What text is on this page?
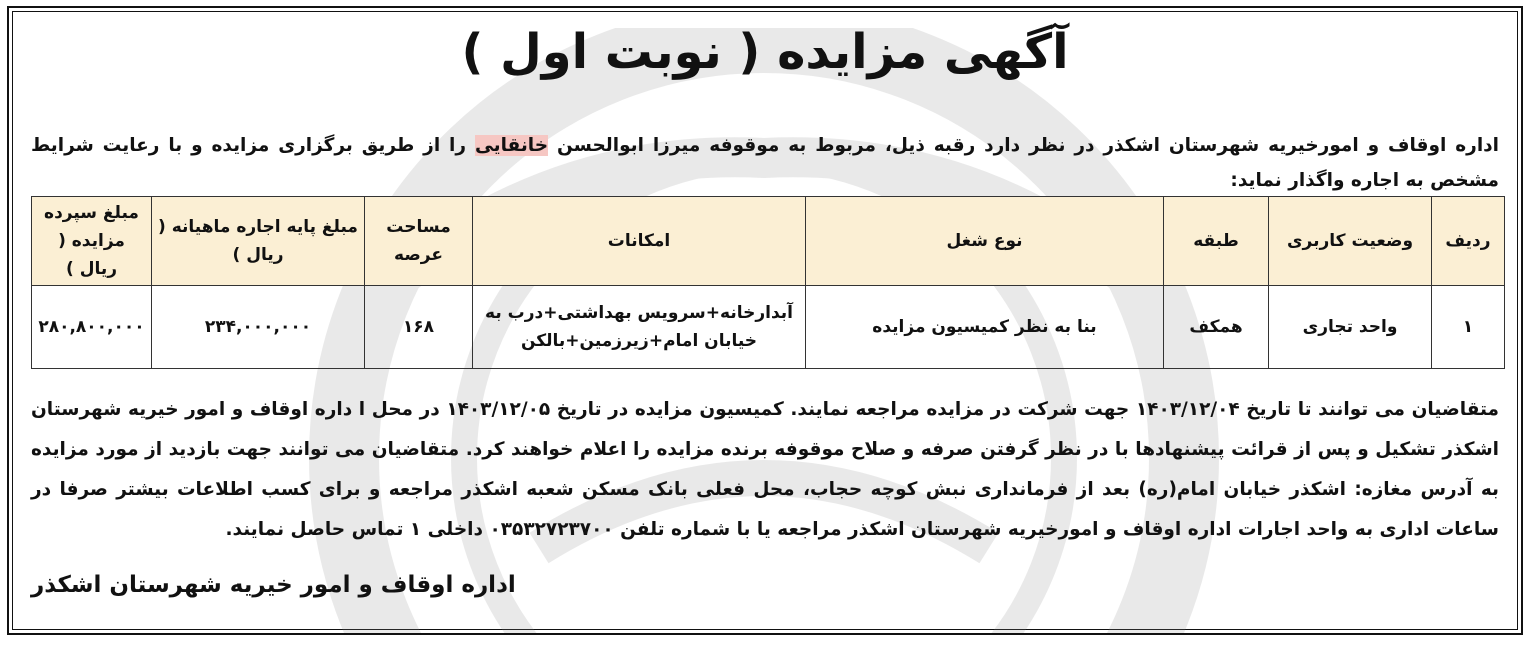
آگهی مزایده ( نوبت اول )
اداره اوقاف و امورخیریه شهرستان اشکذر در نظر دارد رقبه ذیل، مربوط به موقوفه میرزا ابوالحسن خانقایی را از طریق برگزاری مزایده و با رعایت شرایط مشخص به اجاره واگذار نماید:
ردیف	وضعیت کاربری	طبقه	نوع شغل	امکانات	مساحت عرصه	مبلغ پایه اجاره ماهیانه ( ریال )	مبلغ سپرده مزایده ( ریال )
۱	واحد تجاری	همکف	بنا به نظر کمیسیون مزایده	آبدارخانه+سرویس بهداشتی+درب به خیابان امام+زیرزمین+بالکن	۱۶۸	۲۳۴,۰۰۰,۰۰۰	۲۸۰,۸۰۰,۰۰۰
متقاضیان می توانند تا تاریخ ۱۴۰۳/۱۲/۰۴ جهت شرکت در مزایده مراجعه نمایند. کمیسیون مزایده در تاریخ ۱۴۰۳/۱۲/۰۵ در محل ا داره اوقاف و امور خیریه شهرستان اشکذر تشکیل و پس از قرائت پیشنهادها با در نظر گرفتن صرفه و صلاح موقوفه برنده مزایده را اعلام خواهند کرد. متقاضیان می توانند جهت بازدید از مورد مزایده به آدرس مغازه: اشکذر خیابان امام(ره) بعد از فرمانداری نبش کوچه حجاب، محل فعلی بانک مسکن شعبه اشکذر مراجعه و برای کسب اطلاعات بیشتر صرفا در ساعات اداری به واحد اجارات اداره اوقاف و امورخیریه شهرستان اشکذر مراجعه یا با شماره تلفن ۰۳۵۳۲۷۲۳۷۰۰ داخلی ۱ تماس حاصل نمایند.
اداره اوقاف و امور خیریه شهرستان اشکذر
